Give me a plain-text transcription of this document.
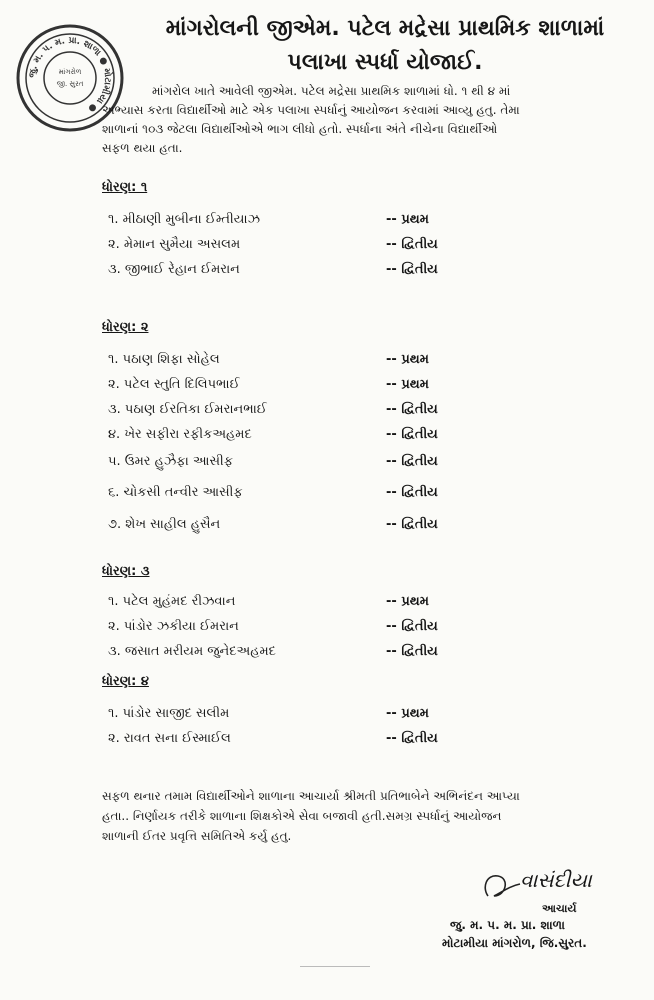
જુ. મ. પ. મ. પ્રા. શાળા ● મોટામીયા ●
માંગરોળ
જી. સુરત
માંગરોલની જીએમ. પટેલ મદ્રેસા પ્રાથમિક શાળામાં
પલાખા સ્પર્ધા યોજાઈ.
માંગરોલ ખાતે આવેલી જીએમ. પટેલ મદ્રેસા પ્રાથમિક શાળામાં ધો. ૧ થી ૪ માં
અભ્યાસ કરતા વિદ્યાર્થીઓ માટે એક પલાખા સ્પર્ધાનું આયોજન કરવામાં આવ્યુ હતુ. તેમા
શાળાનાં ૧૦૩ જેટલા વિદ્યાર્થીઓએ ભાગ લીધો હતો. સ્પર્ધાના અંતે નીચેના વિદ્યાર્થીઓ
સફળ થયા હતા.
ધોરણ: ૧
૧. મીઠાણી મુબીના ઈમ્તીયાઝ	-- પ્રથમ
૨. મેમાન સુમૈયા અસલમ	-- દ્વિતીય
૩. જીભાઈ રેહાન ઈમરાન	-- દ્વિતીય
ધોરણ: ૨
૧. પઠાણ શિફા સોહેલ	-- પ્રથમ
૨. પટેલ સ્તુતિ દિલિપભાઈ	-- પ્રથમ
૩. પઠાણ ઈરતિકા ઈમરાનભાઈ	-- દ્વિતીય
૪. ખેર સફીરા રફીકઅહમદ	-- દ્વિતીય
૫. ઉમર હુઝૈફા આસીફ	-- દ્વિતીય
૬. ચોકસી તન્વીર આસીફ	-- દ્વિતીય
૭. શેખ સાહીલ હુસૈન	-- દ્વિતીય
ધોરણ: ૩
૧. પટેલ મુહંમદ રીઝવાન	-- પ્રથમ
૨. પાંડોર ઝકીયા ઈમરાન	-- દ્વિતીય
૩. જસાત મરીયમ જુનેદઅહમદ	-- દ્વિતીય
ધોરણ: ૪
૧. પાંડોર સાજીદ સલીમ	-- પ્રથમ
૨. રાવત સના ઈસ્માઈલ	-- દ્વિતીય
સફળ થનાર તમામ વિદ્યાર્થીઓને શાળાના આચાર્યા શ્રીમતી પ્રતિભાબેને અભિનંદન આપ્યા
હતા.. નિર્ણાયક તરીકે શાળાના શિક્ષકોએ સેવા બજાવી હતી.સમગ્ર સ્પર્ધાનું આયોજન
શાળાની ઈતર પ્રવૃત્તિ સમિતિએ કર્યુ હતુ.
વાસંદીયા
આચાર્ય
જુ. મ. પ. મ. પ્રા. શાળા
મોટામીયા માંગરોળ, જિ.સુરત.
